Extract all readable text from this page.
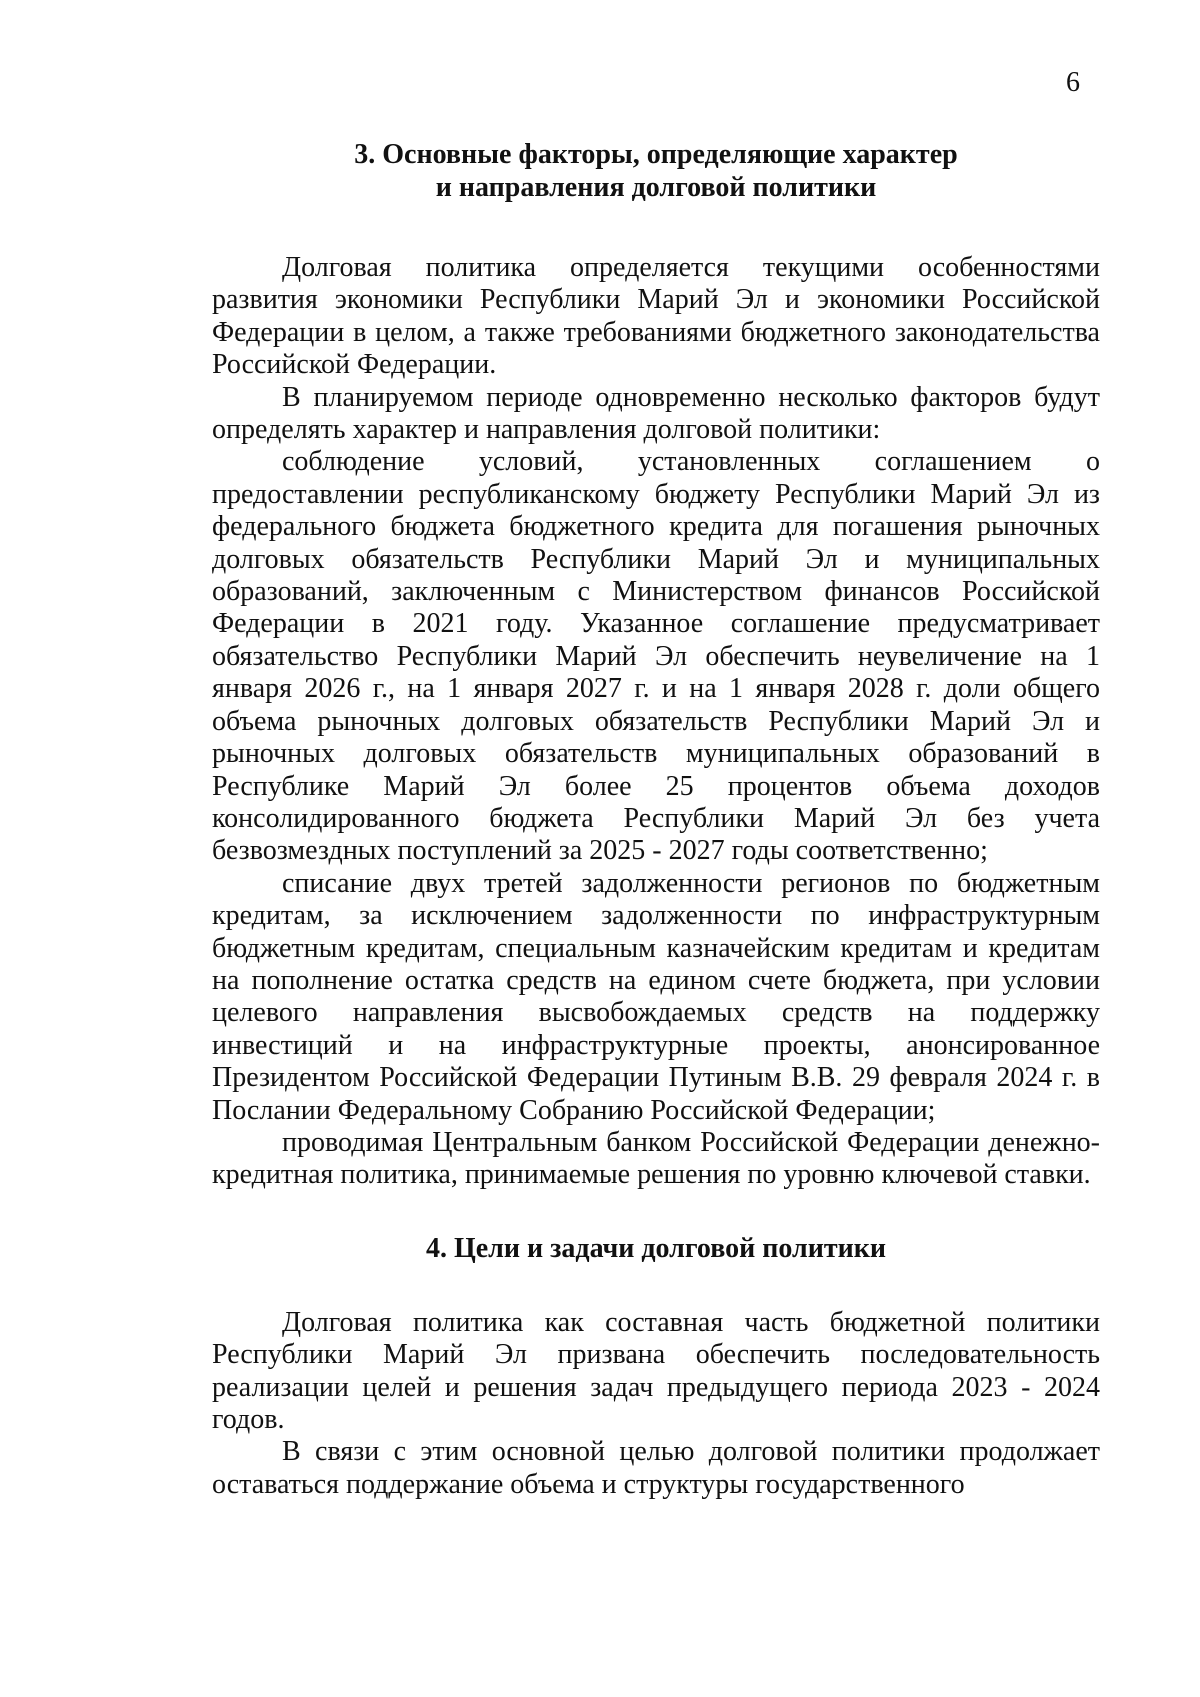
6
3. Основные факторы, определяющие характер
и направления долговой политики

Долговая политика определяется текущими особенностями развития экономики Республики Марий Эл и экономики Российской Федерации в целом, а также требованиями бюджетного законодательства Российской Федерации.

В планируемом периоде одновременно несколько факторов будут определять характер и направления долговой политики:

соблюдение условий, установленных соглашением о предоставлении республиканскому бюджету Республики Марий Эл из федерального бюджета бюджетного кредита для погашения рыночных долговых обязательств Республики Марий Эл и муниципальных образований, заключенным с Министерством финансов Российской Федерации в 2021 году. Указанное соглашение предусматривает обязательство Республики Марий Эл обеспечить неувеличение на 1 января 2026 г., на 1 января 2027 г. и на 1 января 2028 г. доли общего объема рыночных долговых обязательств Республики Марий Эл и рыночных долговых обязательств муниципальных образований в Республике Марий Эл более 25 процентов объема доходов консолидированного бюджета Республики Марий Эл без учета безвозмездных поступлений за 2025 - 2027 годы соответственно;

списание двух третей задолженности регионов по бюджетным кредитам, за исключением задолженности по инфраструктурным бюджетным кредитам, специальным казначейским кредитам и кредитам на пополнение остатка средств на едином счете бюджета, при условии целевого направления высвобождаемых средств на поддержку инвестиций и на инфраструктурные проекты, анонсированное Президентом Российской Федерации Путиным В.В. 29 февраля 2024 г. в Послании Федеральному Собранию Российской Федерации;

проводимая Центральным банком Российской Федерации денежно-кредитная политика, принимаемые решения по уровню ключевой ставки.

4. Цели и задачи долговой политики

Долговая политика как составная часть бюджетной политики Республики Марий Эл призвана обеспечить последовательность реализации целей и решения задач предыдущего периода 2023 - 2024 годов.

В связи с этим основной целью долговой политики продолжает оставаться поддержание объема и структуры государственного
